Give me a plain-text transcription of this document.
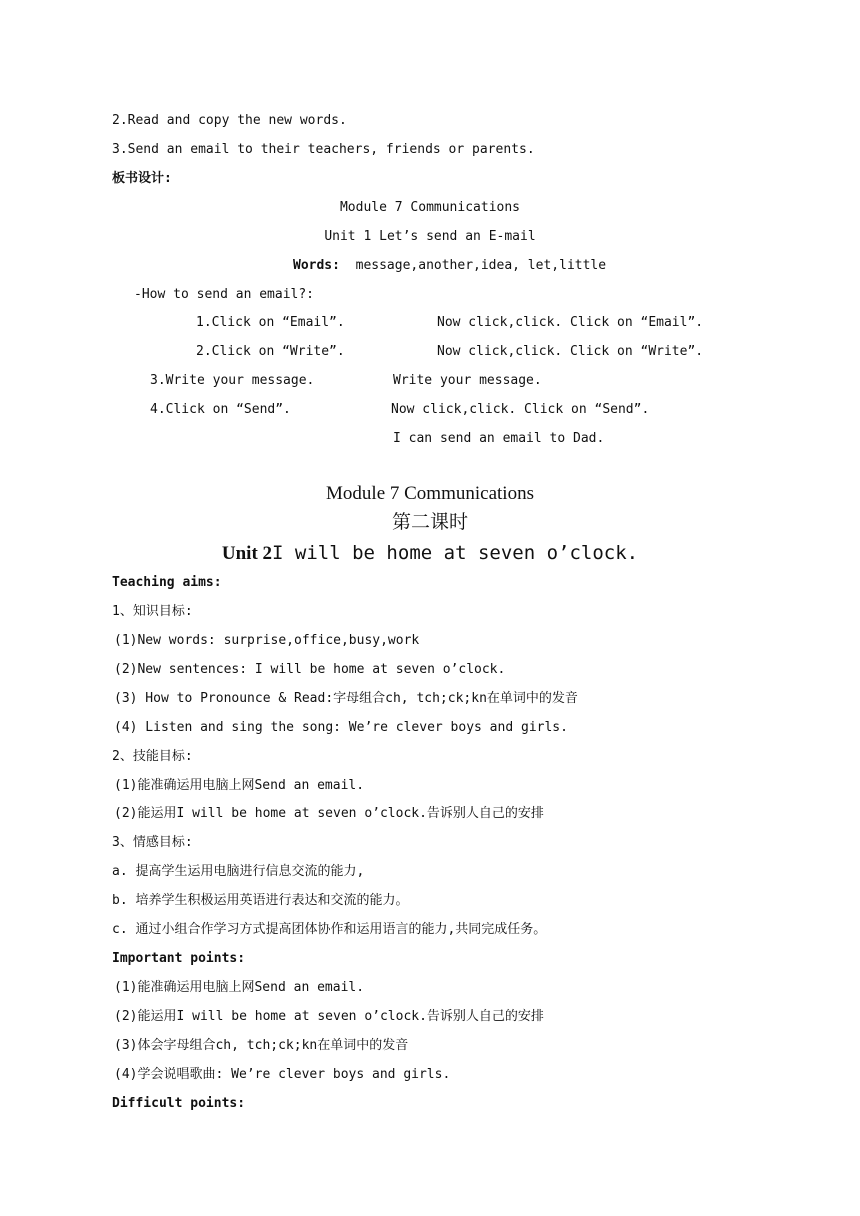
2.Read and copy the new words.
3.Send an email to their teachers, friends or parents.
板书设计:
Module 7 Communications
Unit 1 Let’s send an E-mail
Words: message,another,idea, let,little
-How to send an email?:
1.Click on “Email”.
2.Click on “Write”.
3.Write your message.
4.Click on “Send”.
Now click,click. Click on “Email”.
Now click,click. Click on “Write”.
Write your message.
Now click,click. Click on “Send”.
I can send an email to Dad.
Module 7 Communications
第二课时
Unit 2I will be home at seven o’clock.
Teaching aims:
1、知识目标:
(1)New words: surprise,office,busy,work
(2)New sentences: I will be home at seven o’clock.
(3) How to Pronounce & Read:字母组合ch, tch;ck;kn在单词中的发音
(4) Listen and sing the song: We’re clever boys and girls.
2、技能目标:
(1)能准确运用电脑上网Send an email.
(2)能运用I will be home at seven o’clock.告诉别人自己的安排
3、情感目标:
a. 提高学生运用电脑进行信息交流的能力,
b. 培养学生积极运用英语进行表达和交流的能力。
c. 通过小组合作学习方式提高团体协作和运用语言的能力,共同完成任务。
Important points:
(1)能准确运用电脑上网Send an email.
(2)能运用I will be home at seven o’clock.告诉别人自己的安排
(3)体会字母组合ch, tch;ck;kn在单词中的发音
(4)学会说唱歌曲: We’re clever boys and girls.
Difficult points:
